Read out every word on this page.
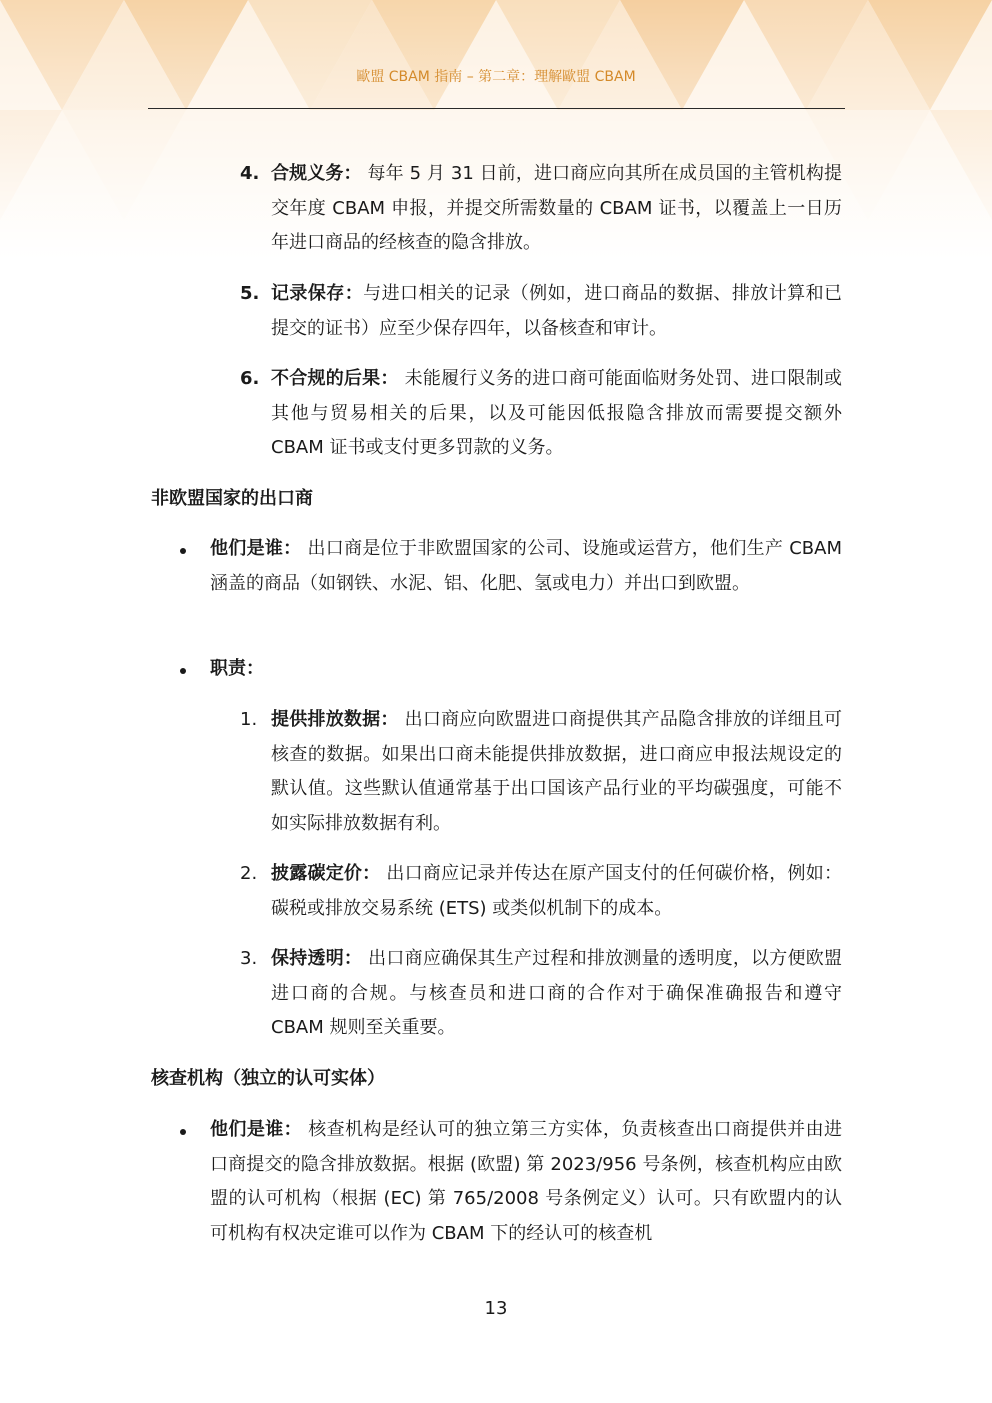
歐盟 CBAM 指南 – 第二章：理解歐盟 CBAM
4. 合规义务： 每年 5 月 31 日前，进口商应向其所在成员国的主管机构提交年度 CBAM 申报，并提交所需数量的 CBAM 证书，以覆盖上一日历年进口商品的经核查的隐含排放。
5. 记录保存：与进口相关的记录（例如，进口商品的数据、排放计算和已提交的证书）应至少保存四年，以备核查和审计。
6. 不合规的后果： 未能履行义务的进口商可能面临财务处罚、进口限制或其他与贸易相关的后果，以及可能因低报隐含排放而需要提交额外 CBAM 证书或支付更多罚款的义务。
非欧盟国家的出口商
他们是谁： 出口商是位于非欧盟国家的公司、设施或运营方，他们生产 CBAM 涵盖的商品（如钢铁、水泥、铝、化肥、氢或电力）并出口到欧盟。
职责：
1. 提供排放数据： 出口商应向欧盟进口商提供其产品隐含排放的详细且可核查的数据。如果出口商未能提供排放数据，进口商应申报法规设定的默认值。这些默认值通常基于出口国该产品行业的平均碳强度，可能不如实际排放数据有利。
2. 披露碳定价： 出口商应记录并传达在原产国支付的任何碳价格，例如：碳税或排放交易系统 (ETS) 或类似机制下的成本。
3. 保持透明： 出口商应确保其生产过程和排放测量的透明度，以方便欧盟进口商的合规。与核查员和进口商的合作对于确保准确报告和遵守 CBAM 规则至关重要。
核查机构（独立的认可实体）
他们是谁： 核查机构是经认可的独立第三方实体，负责核查出口商提供并由进口商提交的隐含排放数据。根据 (欧盟) 第 2023/956 号条例，核查机构应由欧盟的认可机构（根据 (EC) 第 765/2008 号条例定义）认可。只有欧盟内的认可机构有权决定谁可以作为 CBAM 下的经认可的核查机
13
